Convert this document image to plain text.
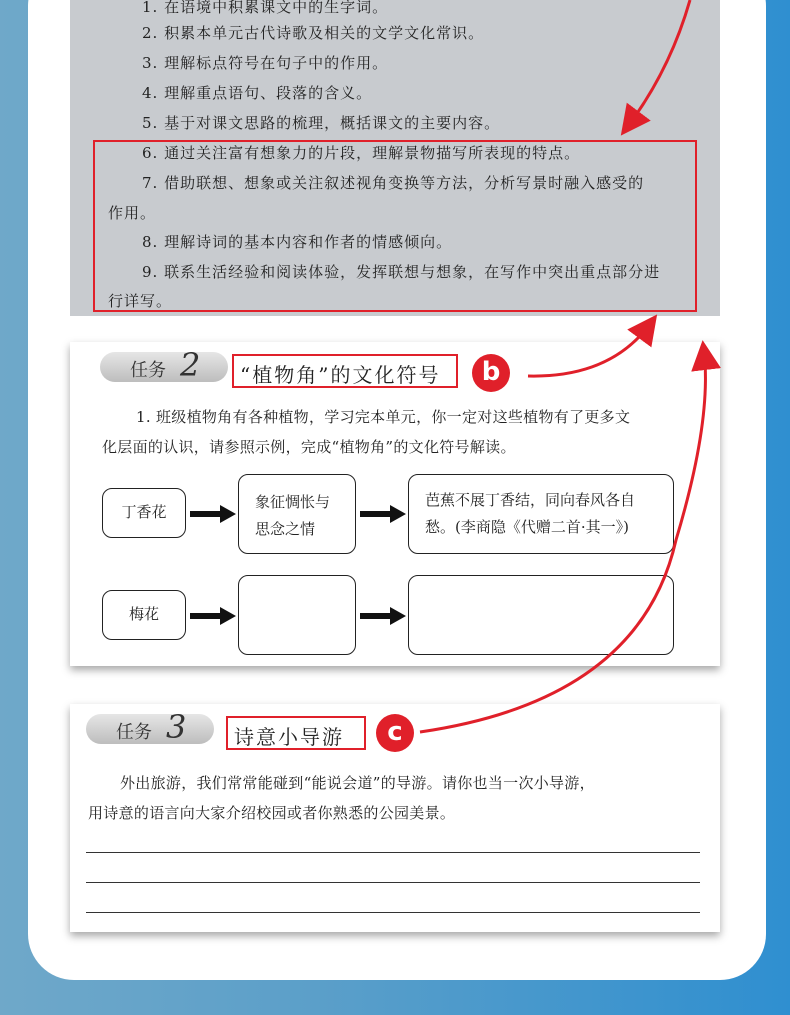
1. 在语境中积累课文中的生字词。
2. 积累本单元古代诗歌及相关的文学文化常识。
3. 理解标点符号在句子中的作用。
4. 理解重点语句、段落的含义。
5. 基于对课文思路的梳理，概括课文的主要内容。
6. 通过关注富有想象力的片段，理解景物描写所表现的特点。
7. 借助联想、想象或关注叙述视角变换等方法，分析写景时融入感受的
作用。
8. 理解诗词的基本内容和作者的情感倾向。
9. 联系生活经验和阅读体验，发挥联想与想象，在写作中突出重点部分进
行详写。
任务 2	“植物角”的文化符号	b
1. 班级植物角有各种植物，学习完本单元，你一定对这些植物有了更多文
化层面的认识，请参照示例，完成“植物角”的文化符号解读。
丁香花
象征惆怅与
思念之情
芭蕉不展丁香结，同向春风各自
愁。(李商隐《代赠二首·其一》)
梅花
任务 3	诗意小导游	c
外出旅游，我们常常能碰到“能说会道”的导游。请你也当一次小导游，
用诗意的语言向大家介绍校园或者你熟悉的公园美景。
